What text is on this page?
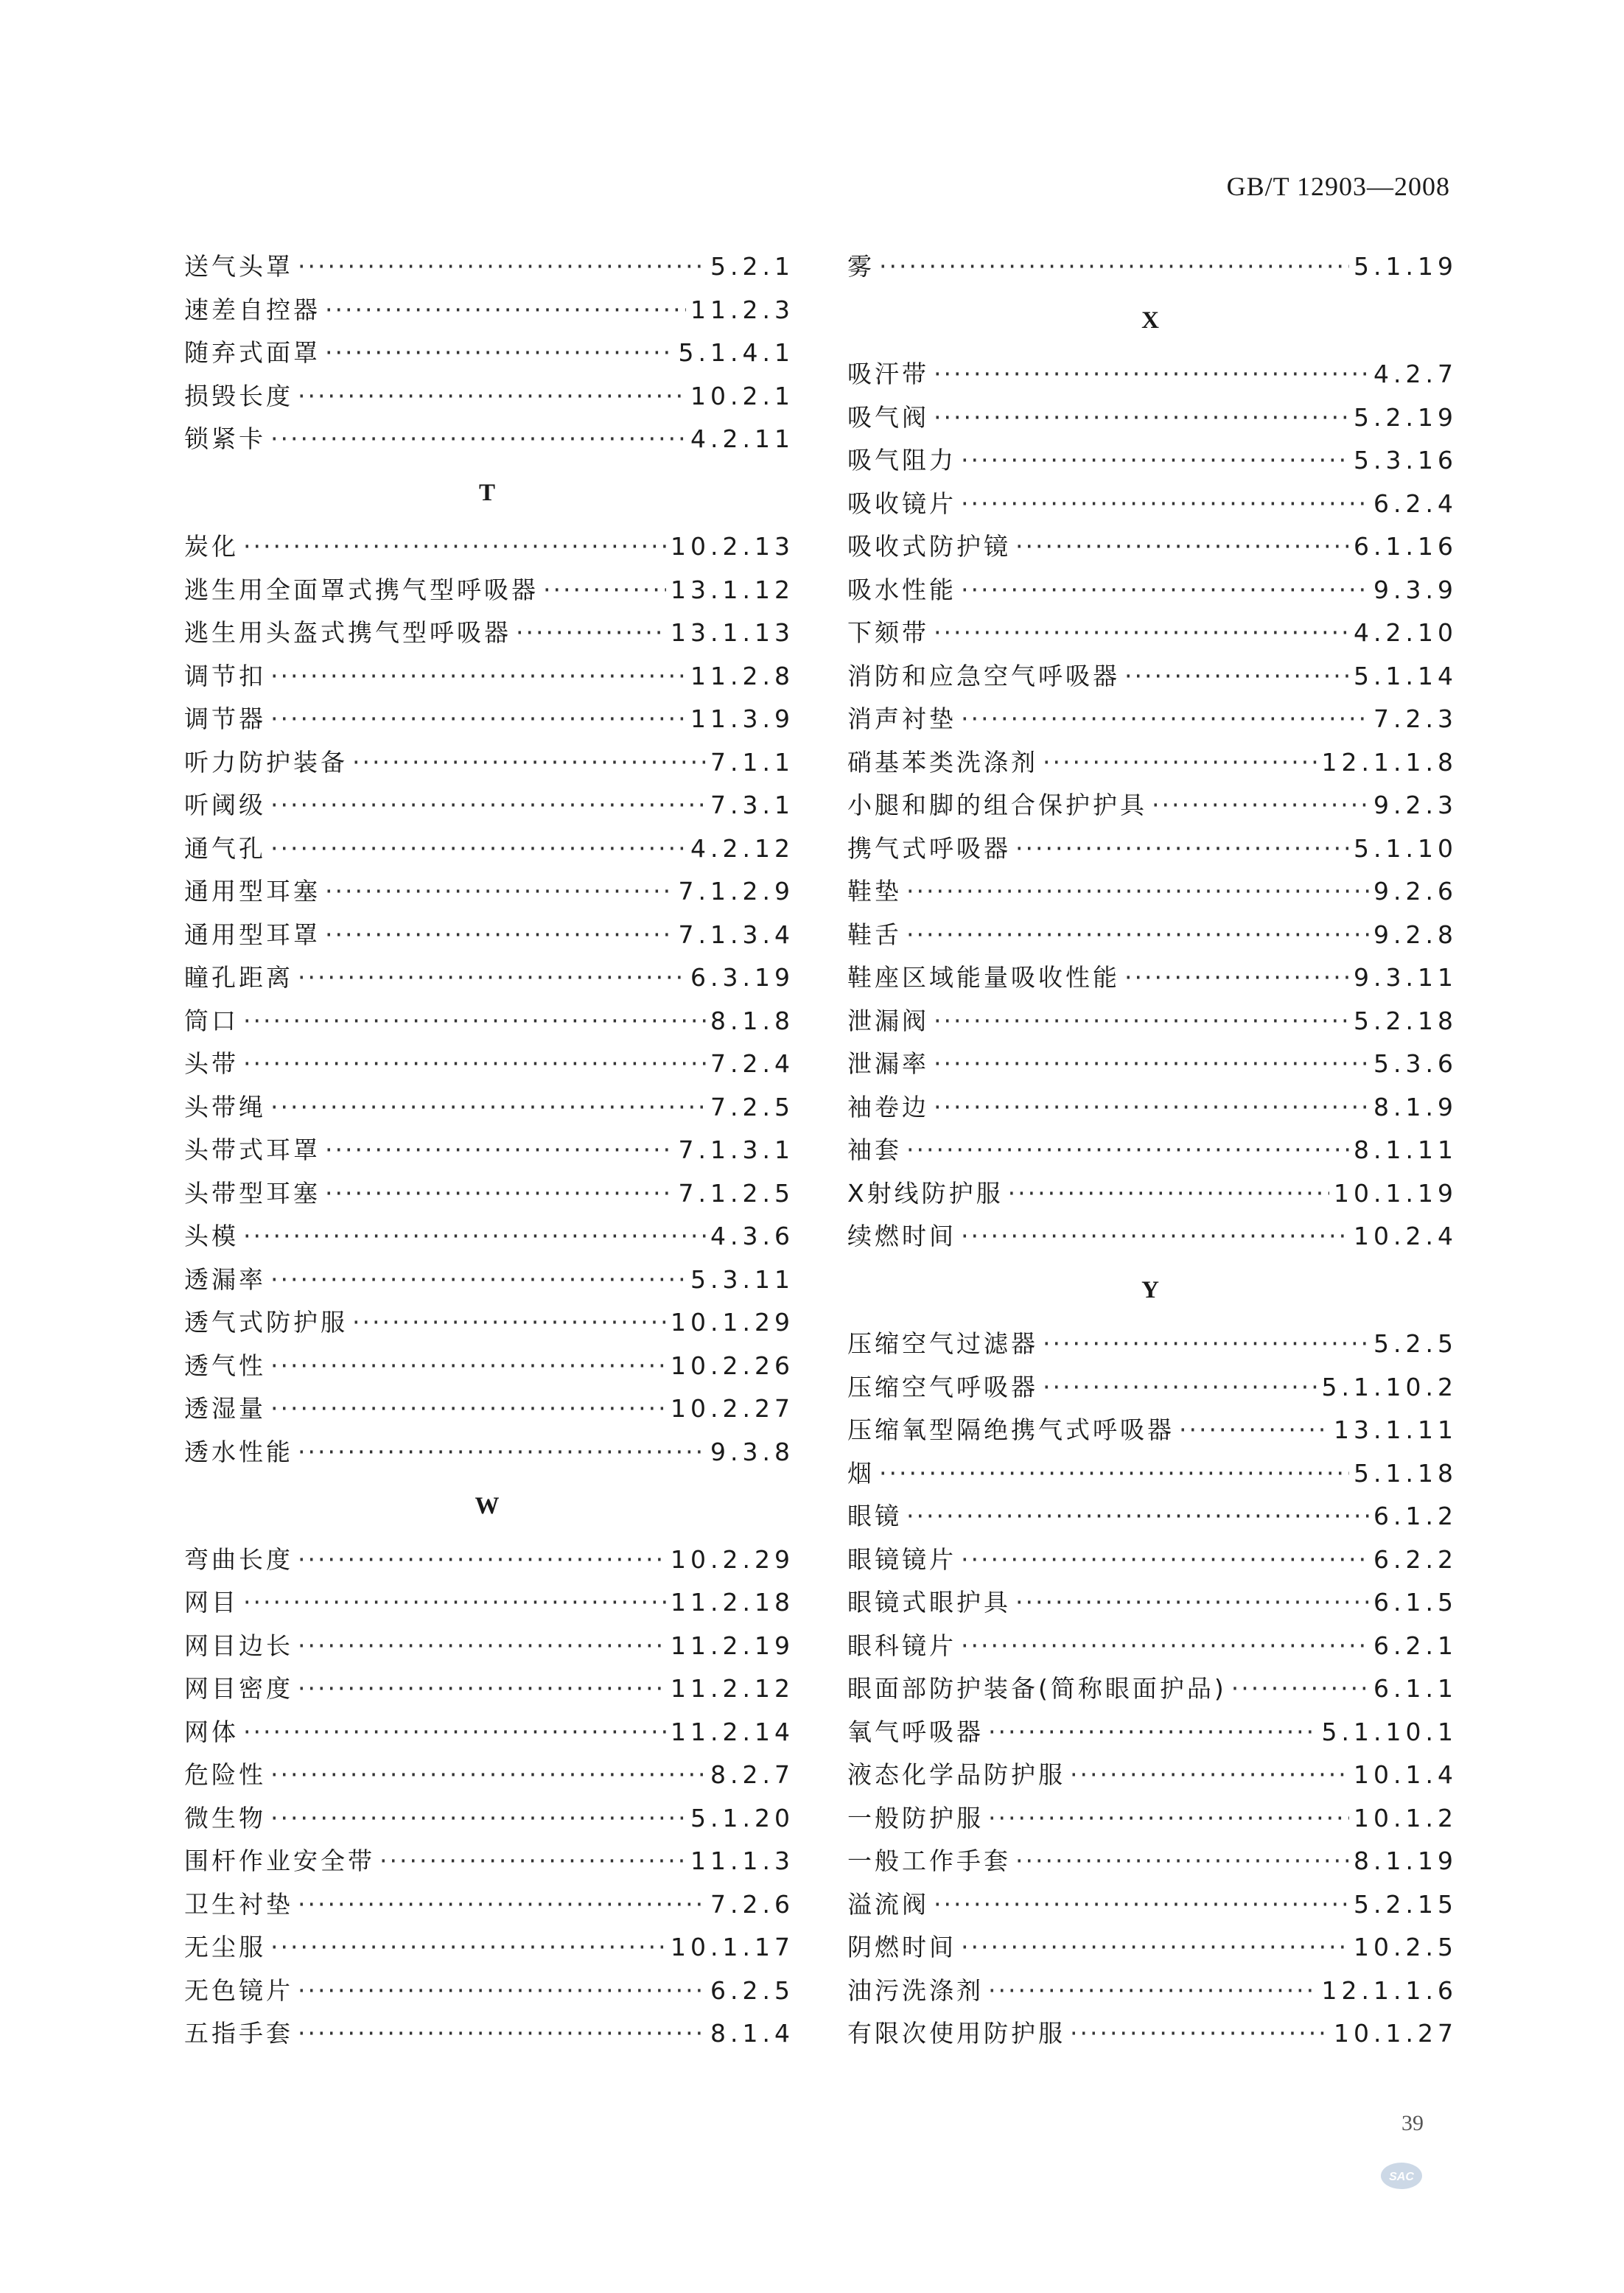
GB/T 12903—2008
送气头罩 ·····	5.2.1
速差自控器 ·····	11.2.3
随弃式面罩 ·····	5.1.4.1
损毁长度 ·····	10.2.1
锁紧卡 ·····	4.2.11
T
炭化 ·····	10.2.13
逃生用全面罩式携气型呼吸器 ·····	13.1.12
逃生用头盔式携气型呼吸器 ·····	13.1.13
调节扣 ·····	11.2.8
调节器 ·····	11.3.9
听力防护装备 ·····	7.1.1
听阈级 ·····	7.3.1
通气孔 ·····	4.2.12
通用型耳塞 ·····	7.1.2.9
通用型耳罩 ·····	7.1.3.4
瞳孔距离 ·····	6.3.19
筒口 ·····	8.1.8
头带 ·····	7.2.4
头带绳 ·····	7.2.5
头带式耳罩 ·····	7.1.3.1
头带型耳塞 ·····	7.1.2.5
头模 ·····	4.3.6
透漏率 ·····	5.3.11
透气式防护服 ·····	10.1.29
透气性 ·····	10.2.26
透湿量 ·····	10.2.27
透水性能 ·····	9.3.8
W
弯曲长度 ·····	10.2.29
网目 ·····	11.2.18
网目边长 ·····	11.2.19
网目密度 ·····	11.2.12
网体 ·····	11.2.14
危险性 ·····	8.2.7
微生物 ·····	5.1.20
围杆作业安全带 ·····	11.1.3
卫生衬垫 ·····	7.2.6
无尘服 ·····	10.1.17
无色镜片 ·····	6.2.5
五指手套 ·····	8.1.4
雾 ·····	5.1.19
X
吸汗带 ·····	4.2.7
吸气阀 ·····	5.2.19
吸气阻力 ·····	5.3.16
吸收镜片 ·····	6.2.4
吸收式防护镜 ·····	6.1.16
吸水性能 ·····	9.3.9
下颏带 ·····	4.2.10
消防和应急空气呼吸器 ·····	5.1.14
消声衬垫 ·····	7.2.3
硝基苯类洗涤剂 ·····	12.1.1.8
小腿和脚的组合保护护具 ·····	9.2.3
携气式呼吸器 ·····	5.1.10
鞋垫 ·····	9.2.6
鞋舌 ·····	9.2.8
鞋座区域能量吸收性能 ·····	9.3.11
泄漏阀 ·····	5.2.18
泄漏率 ·····	5.3.6
袖卷边 ·····	8.1.9
袖套 ·····	8.1.11
X射线防护服 ·····	10.1.19
续燃时间 ·····	10.2.4
Y
压缩空气过滤器 ·····	5.2.5
压缩空气呼吸器 ·····	5.1.10.2
压缩氧型隔绝携气式呼吸器 ·····	13.1.11
烟 ·····	5.1.18
眼镜 ·····	6.1.2
眼镜镜片 ·····	6.2.2
眼镜式眼护具 ·····	6.1.5
眼科镜片 ·····	6.2.1
眼面部防护装备(简称眼面护品) ·····	6.1.1
氧气呼吸器 ·····	5.1.10.1
液态化学品防护服 ·····	10.1.4
一般防护服 ·····	10.1.2
一般工作手套 ·····	8.1.19
溢流阀 ·····	5.2.15
阴燃时间 ·····	10.2.5
油污洗涤剂 ·····	12.1.1.6
有限次使用防护服 ·····	10.1.27
39
SAC
